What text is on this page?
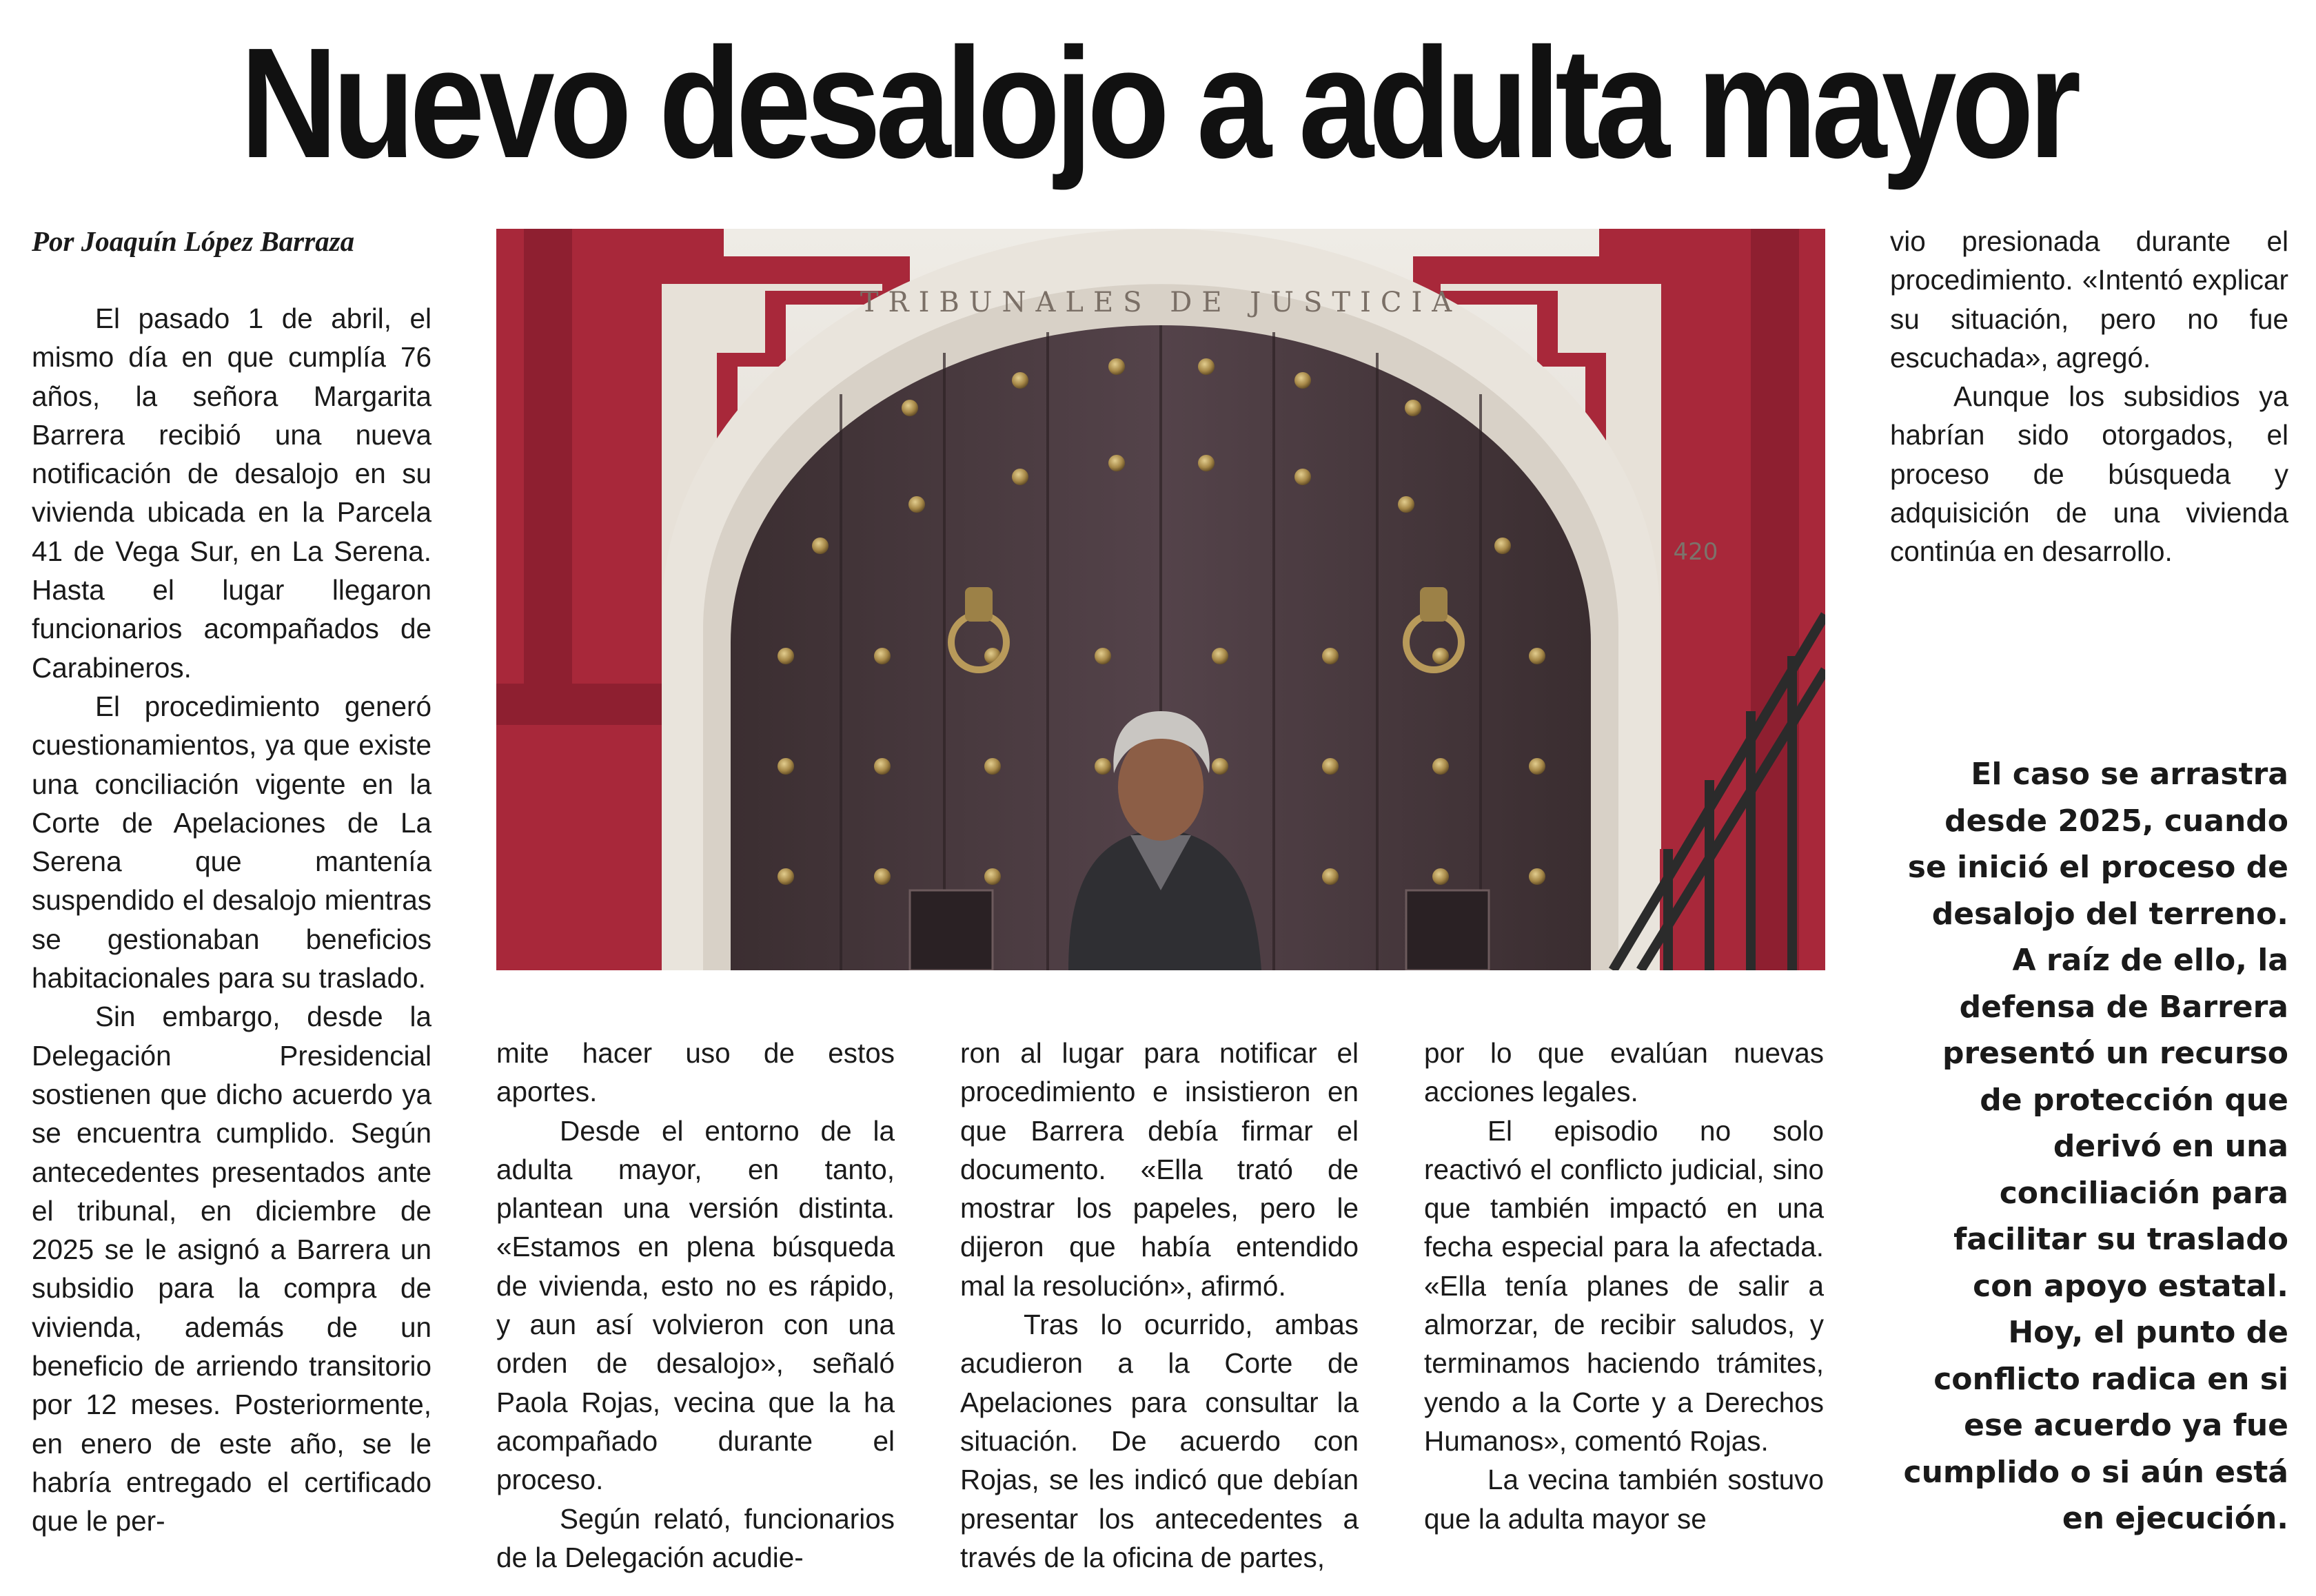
Nuevo desalojo a adulta mayor
Por Joaquín López Barraza

El pasado 1 de abril, el mismo día en que cumplía 76 años, la señora Margarita Barrera recibió una nueva notificación de desalojo en su vivienda ubicada en la Parcela 41 de Vega Sur, en La Serena. Hasta el lugar llegaron funcionarios acompañados de Carabineros.

El procedimiento generó cuestionamientos, ya que existe una conciliación vigente en la Corte de Apelaciones de La Serena que mantenía suspendido el desalojo mientras se gestionaban beneficios habitacionales para su traslado.

Sin embargo, desde la Delegación Presidencial sostienen que dicho acuerdo ya se encuentra cumplido. Según antecedentes presentados ante el tribunal, en diciembre de 2025 se le asignó a Barrera un subsidio para la compra de vivienda, además de un beneficio de arriendo transitorio por 12 meses. Posteriormente, en enero de este año, se le habría entregado el certificado que le per-

TRIBUNALES DE JUSTICIA
420

mite hacer uso de estos aportes.

Desde el entorno de la adulta mayor, en tanto, plantean una versión distinta. «Estamos en plena búsqueda de vivienda, esto no es rápido, y aun así volvieron con una orden de desalojo», señaló Paola Rojas, vecina que la ha acompañado durante el proceso.

Según relató, funcionarios de la Delegación acudie-

ron al lugar para notificar el procedimiento e insistieron en que Barrera debía firmar el documento. «Ella trató de mostrar los papeles, pero le dijeron que había entendido mal la resolución», afirmó.

Tras lo ocurrido, ambas acudieron a la Corte de Apelaciones para consultar la situación. De acuerdo con Rojas, se les indicó que debían presentar los antecedentes a través de la oficina de partes,

por lo que evalúan nuevas acciones legales.

El episodio no solo reactivó el conflicto judicial, sino que también impactó en una fecha especial para la afectada. «Ella tenía planes de salir a almorzar, de recibir saludos, y terminamos haciendo trámites, yendo a la Corte y a Derechos Humanos», comentó Rojas.

La vecina también sostuvo que la adulta mayor se

vio presionada durante el procedimiento. «Intentó explicar su situación, pero no fue escuchada», agregó.

Aunque los subsidios ya habrían sido otorgados, el proceso de búsqueda y adquisición de una vivienda continúa en desarrollo.

El caso se arrastra desde 2025, cuando se inició el proceso de desalojo del terreno. A raíz de ello, la defensa de Barrera presentó un recurso de protección que derivó en una conciliación para facilitar su traslado con apoyo estatal. Hoy, el punto de conflicto radica en si ese acuerdo ya fue cumplido o si aún está en ejecución.
